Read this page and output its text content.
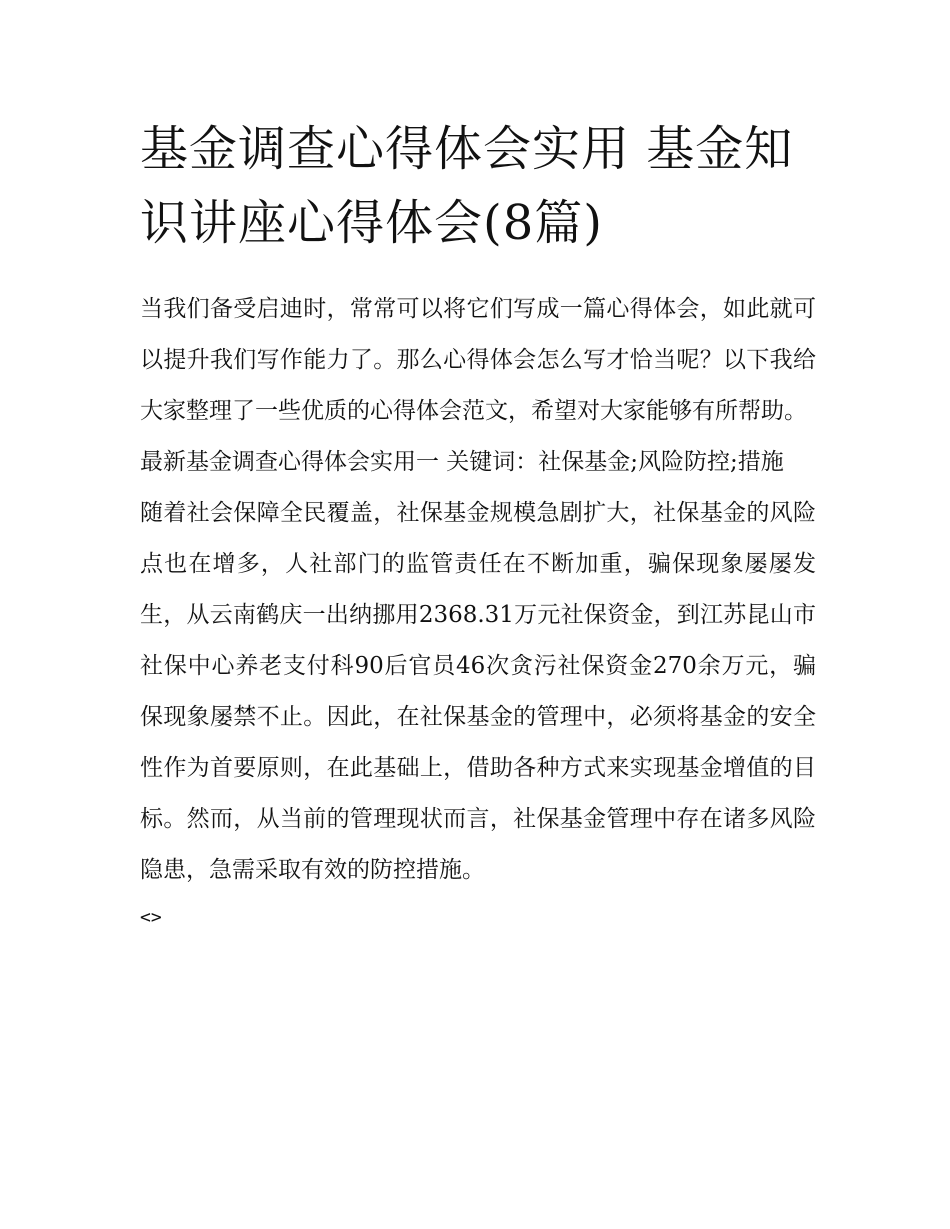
基金调查心得体会实用 基金知识讲座心得体会(8篇)

当我们备受启迪时，常常可以将它们写成一篇心得体会，如此就可以提升我们写作能力了。那么心得体会怎么写才恰当呢？以下我给大家整理了一些优质的心得体会范文，希望对大家能够有所帮助。

最新基金调查心得体会实用一 关键词：社保基金;风险防控;措施

随着社会保障全民覆盖，社保基金规模急剧扩大，社保基金的风险点也在增多，人社部门的监管责任在不断加重，骗保现象屡屡发生，从云南鹤庆一出纳挪用2368.31万元社保资金，到江苏昆山市社保中心养老支付科90后官员46次贪污社保资金270余万元，骗保现象屡禁不止。因此，在社保基金的管理中，必须将基金的安全性作为首要原则，在此基础上，借助各种方式来实现基金增值的目标。然而，从当前的管理现状而言，社保基金管理中存在诸多风险隐患，急需采取有效的防控措施。

<>
